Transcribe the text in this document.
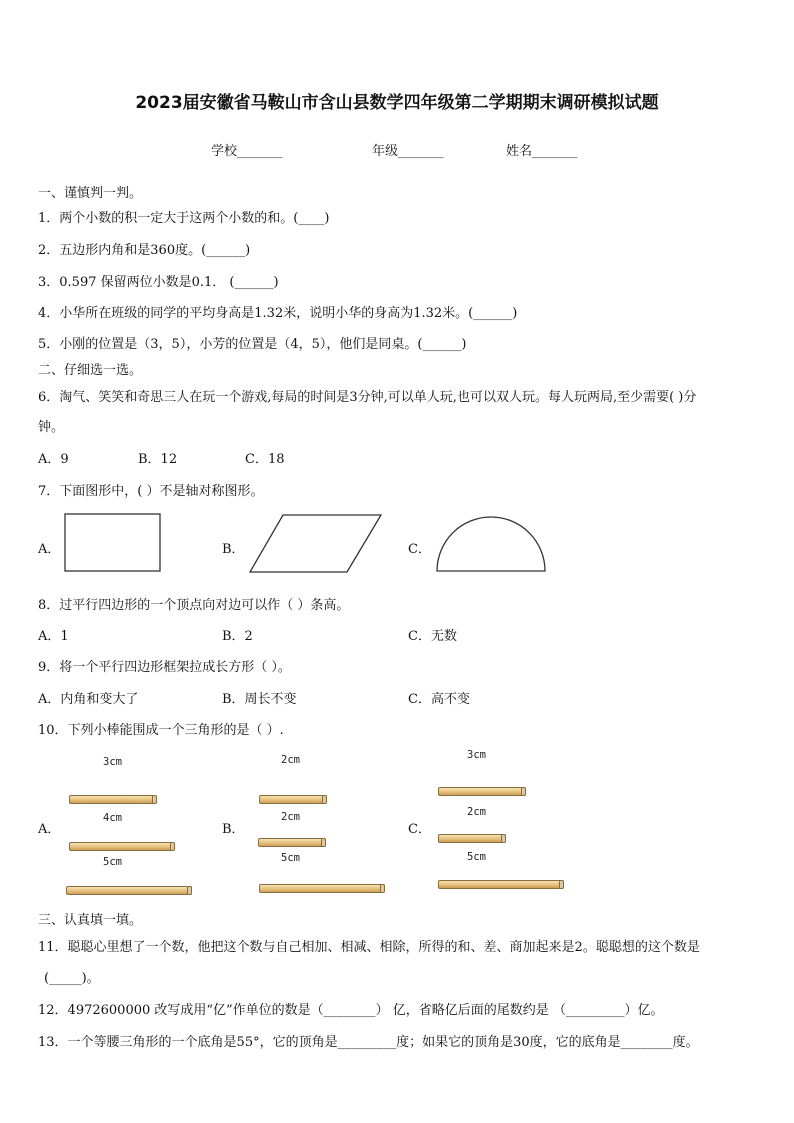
2023届安徽省马鞍山市含山县数学四年级第二学期期末调研模拟试题
学校_______	年级_______	姓名_______
一、谨慎判一判。
1．两个小数的积一定大于这两个小数的和。(____)
2．五边形内角和是360度。(______)
3．0.597 保留两位小数是0.1． (______)
4．小华所在班级的同学的平均身高是1.32米，说明小华的身高为1.32米。(______)
5．小刚的位置是（3，5），小芳的位置是（4，5），他们是同桌。(______)
二、仔细选一选。
6．淘气、笑笑和奇思三人在玩一个游戏,每局的时间是3分钟,可以单人玩,也可以双人玩。每人玩两局,至少需要( )分
钟。
A．9	B．12	C．18
7．下面图形中，( ）不是轴对称图形。
A．	B．	C．
8．过平行四边形的一个顶点向对边可以作（ ）条高。
A．1	B．2	C．无数
9．将一个平行四边形框架拉成长方形（ ）。
A．内角和变大了	B．周长不变	C．高不变
10．下列小棒能围成一个三角形的是（ ）.
A．
3cm
4cm
5cm
B．
2cm
2cm
5cm
C．
3cm
2cm
5cm
三、认真填一填。
11．聪聪心里想了一个数，他把这个数与自己相加、相减、相除，所得的和、差、商加起来是2。聪聪想的这个数是
(_____)。
12．4972600000 改写成用“亿”作单位的数是（________） 亿，省略亿后面的尾数约是 （_________）亿。
13．一个等腰三角形的一个底角是55°，它的顶角是_________度；如果它的顶角是30度，它的底角是________度。
